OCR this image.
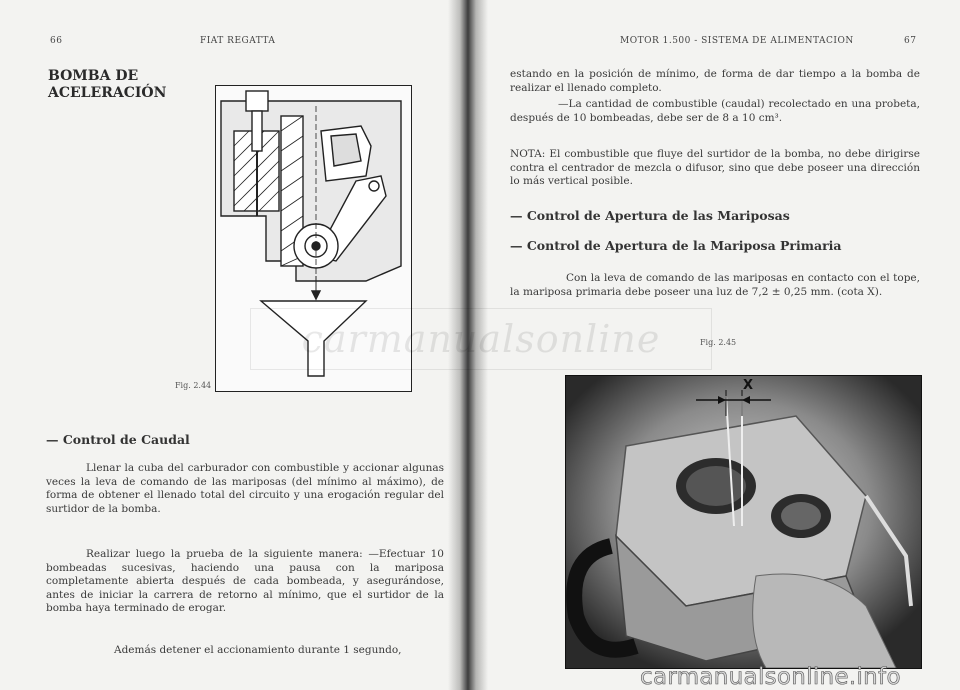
66	FIAT REGATTA
BOMBA DE ACELERACIÓN
Fig. 2.44
— Control de Caudal
Llenar la cuba del carburador con combustible y accionar algunas veces la leva de comando de las mariposas (del mínimo al máximo), de forma de obtener el llenado total del circuito y una erogación regular del surtidor de la bomba.
Realizar luego la prueba de la siguiente manera: —Efectuar 10 bombeadas sucesivas, haciendo una pausa con la mariposa completamente abierta después de cada bombeada, y asegurándose, antes de iniciar la carrera de retorno al mínimo, que el surtidor de la bomba haya terminado de erogar.
Además detener el accionamiento durante 1 segundo,
MOTOR 1.500 - SISTEMA DE ALIMENTACION	67
estando en la posición de mínimo, de forma de dar tiempo a la bomba de realizar el llenado completo.
—La cantidad de combustible (caudal) recolectado en una probeta, después de 10 bombeadas, debe ser de 8 a 10 cm³.
NOTA: El combustible que fluye del surtidor de la bomba, no debe dirigirse contra el centrador de mezcla o difusor, sino que debe poseer una dirección lo más vertical posible.
— Control de Apertura de las Mariposas
— Control de Apertura de la Mariposa Primaria
Con la leva de comando de las mariposas en contacto con el tope, la mariposa primaria debe poseer una luz de 7,2 ± 0,25 mm. (cota X).
Fig. 2.45
X
carmanualsonline
carmanualsonline.info
